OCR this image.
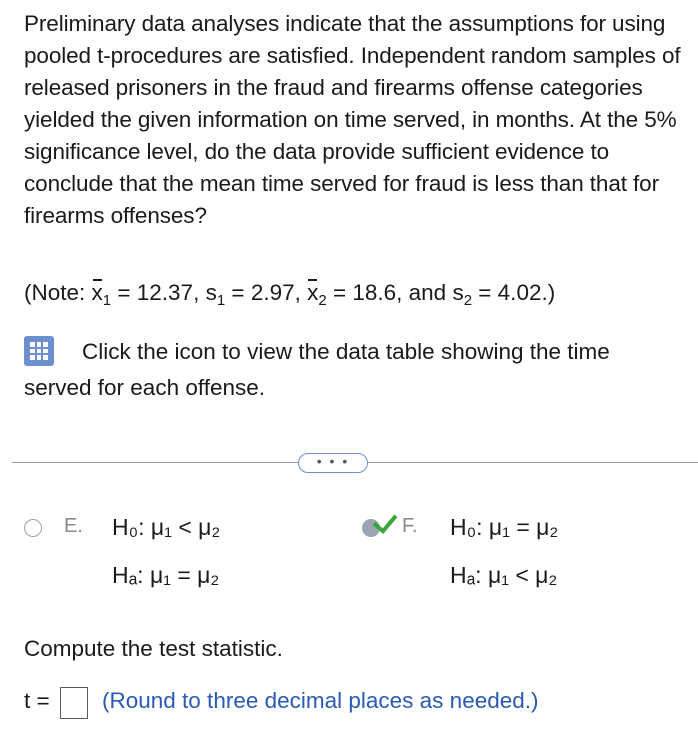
Preliminary data analyses indicate that the assumptions for using pooled t-procedures are satisfied. Independent random samples of released prisoners in the fraud and firearms offense categories yielded the given information on time served, in months. At the 5% significance level, do the data provide sufficient evidence to conclude that the mean time served for fraud is less than that for firearms offenses?
(Note: $x_1 = 12.37$, $s_1 = 2.97$, $x_2 = 18.6$, and $s_2 = 4.02$.)
Click the icon to view the data table showing the time
served for each offense.
• • •
E. H₀: μ₁ < μ₂
Hₐ: μ₁ = μ₂
F. H₀: μ₁ = μ₂
Hₐ: μ₁ < μ₂
Compute the test statistic.
t = (Round to three decimal places as needed.)
